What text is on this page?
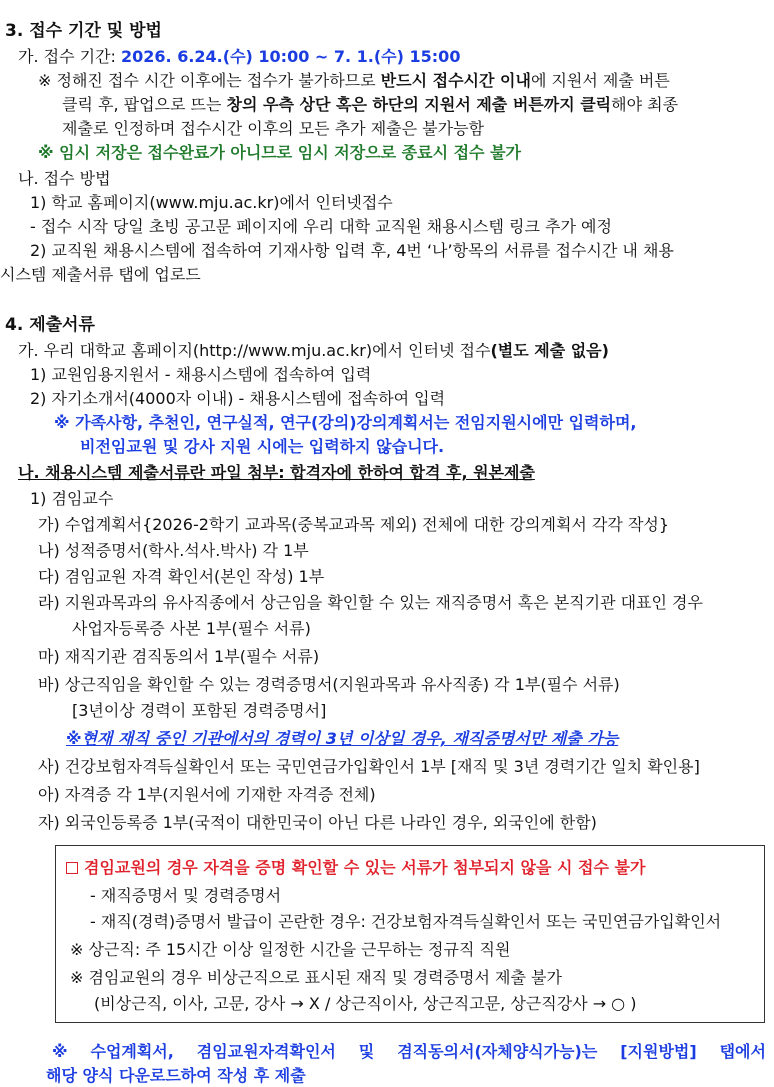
3. 접수 기간 및 방법
가. 접수 기간: 2026. 6.24.(수) 10:00 ~ 7. 1.(수) 15:00
※ 정해진 접수 시간 이후에는 접수가 불가하므로 반드시 접수시간 이내에 지원서 제출 버튼
클릭 후, 팝업으로 뜨는 창의 우측 상단 혹은 하단의 지원서 제출 버튼까지 클릭해야 최종
제출로 인정하며 접수시간 이후의 모든 추가 제출은 불가능함
※ 임시 저장은 접수완료가 아니므로 임시 저장으로 종료시 접수 불가
나. 접수 방법
1) 학교 홈페이지(www.mju.ac.kr)에서 인터넷접수
- 접수 시작 당일 초빙 공고문 페이지에 우리 대학 교직원 채용시스템 링크 추가 예정
2) 교직원 채용시스템에 접속하여 기재사항 입력 후, 4번 ‘나’항목의 서류를 접수시간 내 채용
시스템 제출서류 탭에 업로드
4. 제출서류
가. 우리 대학교 홈페이지(http://www.mju.ac.kr)에서 인터넷 접수(별도 제출 없음)
1) 교원임용지원서 - 채용시스템에 접속하여 입력
2) 자기소개서(4000자 이내) - 채용시스템에 접속하여 입력
※ 가족사항, 추천인, 연구실적, 연구(강의)강의계획서는 전임지원시에만 입력하며,
비전임교원 및 강사 지원 시에는 입력하지 않습니다.
나. 채용시스템 제출서류란 파일 첨부: 합격자에 한하여 합격 후, 원본제출
1) 겸임교수
가) 수업계획서{2026-2학기 교과목(중복교과목 제외) 전체에 대한 강의계획서 각각 작성}
나) 성적증명서(학사.석사.박사) 각 1부
다) 겸임교원 자격 확인서(본인 작성) 1부
라) 지원과목과의 유사직종에서 상근임을 확인할 수 있는 재직증명서 혹은 본직기관 대표인 경우
사업자등록증 사본 1부(필수 서류)
마) 재직기관 겸직동의서 1부(필수 서류)
바) 상근직임을 확인할 수 있는 경력증명서(지원과목과 유사직종) 각 1부(필수 서류)
[3년이상 경력이 포함된 경력증명서]
※현재 재직 중인 기관에서의 경력이 3년 이상일 경우, 재직증명서만 제출 가능
사) 건강보험자격득실확인서 또는 국민연금가입확인서 1부 [재직 및 3년 경력기간 일치 확인용]
아) 자격증 각 1부(지원서에 기재한 자격증 전체)
자) 외국인등록증 1부(국적이 대한민국이 아닌 다른 나라인 경우, 외국인에 한함)
겸임교원의 경우 자격을 증명 확인할 수 있는 서류가 첨부되지 않을 시 접수 불가
- 재직증명서 및 경력증명서
- 재직(경력)증명서 발급이 곤란한 경우: 건강보험자격득실확인서 또는 국민연금가입확인서
※ 상근직: 주 15시간 이상 일정한 시간을 근무하는 정규직 직원
※ 겸임교원의 경우 비상근직으로 표시된 재직 및 경력증명서 제출 불가
(비상근직, 이사, 고문, 강사 → X / 상근직이사, 상근직고문, 상근직강사 → ○ )
※ 수업계획서, 겸임교원자격확인서 및 겸직동의서(자체양식가능)는 [지원방법] 탭에서
해당 양식 다운로드하여 작성 후 제출
